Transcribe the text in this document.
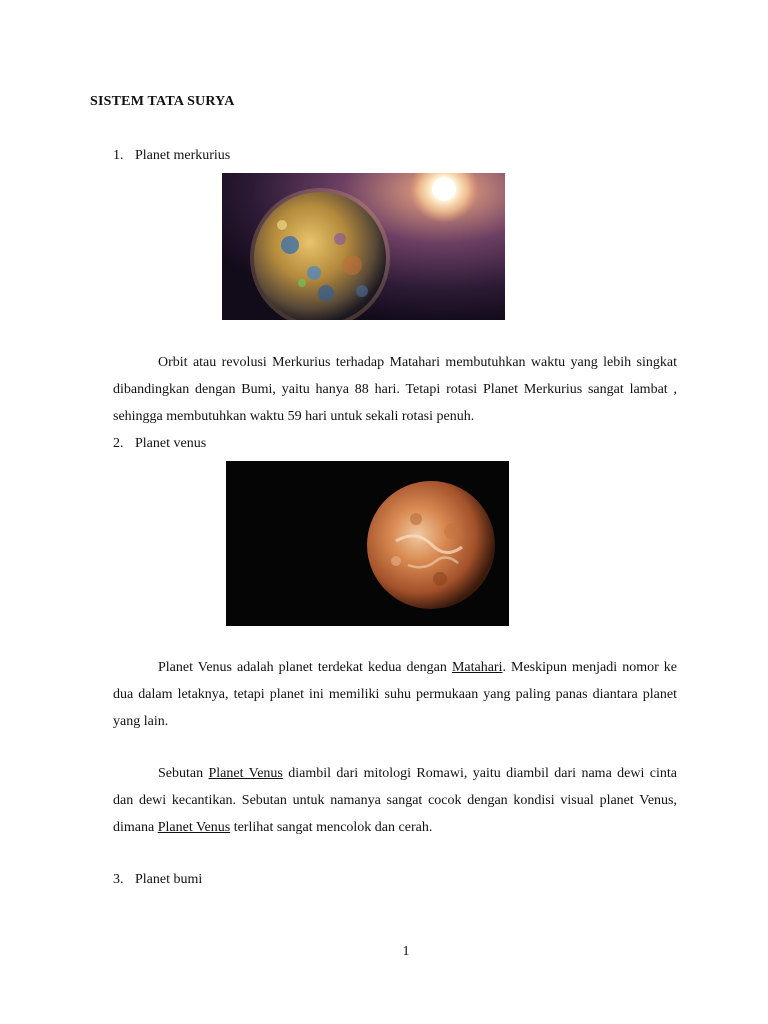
SISTEM TATA SURYA
1. Planet merkurius

Orbit atau revolusi Merkurius terhadap Matahari membutuhkan waktu yang lebih singkat dibandingkan dengan Bumi, yaitu hanya 88 hari. Tetapi rotasi Planet Merkurius sangat lambat , sehingga membutuhkan waktu 59 hari untuk sekali rotasi penuh.

2. Planet venus

Planet Venus adalah planet terdekat kedua dengan Matahari. Meskipun menjadi nomor ke dua dalam letaknya, tetapi planet ini memiliki suhu permukaan yang paling panas diantara planet yang lain.

Sebutan Planet Venus diambil dari mitologi Romawi, yaitu diambil dari nama dewi cinta dan dewi kecantikan. Sebutan untuk namanya sangat cocok dengan kondisi visual planet Venus, dimana Planet Venus terlihat sangat mencolok dan cerah.

3. Planet bumi
1
